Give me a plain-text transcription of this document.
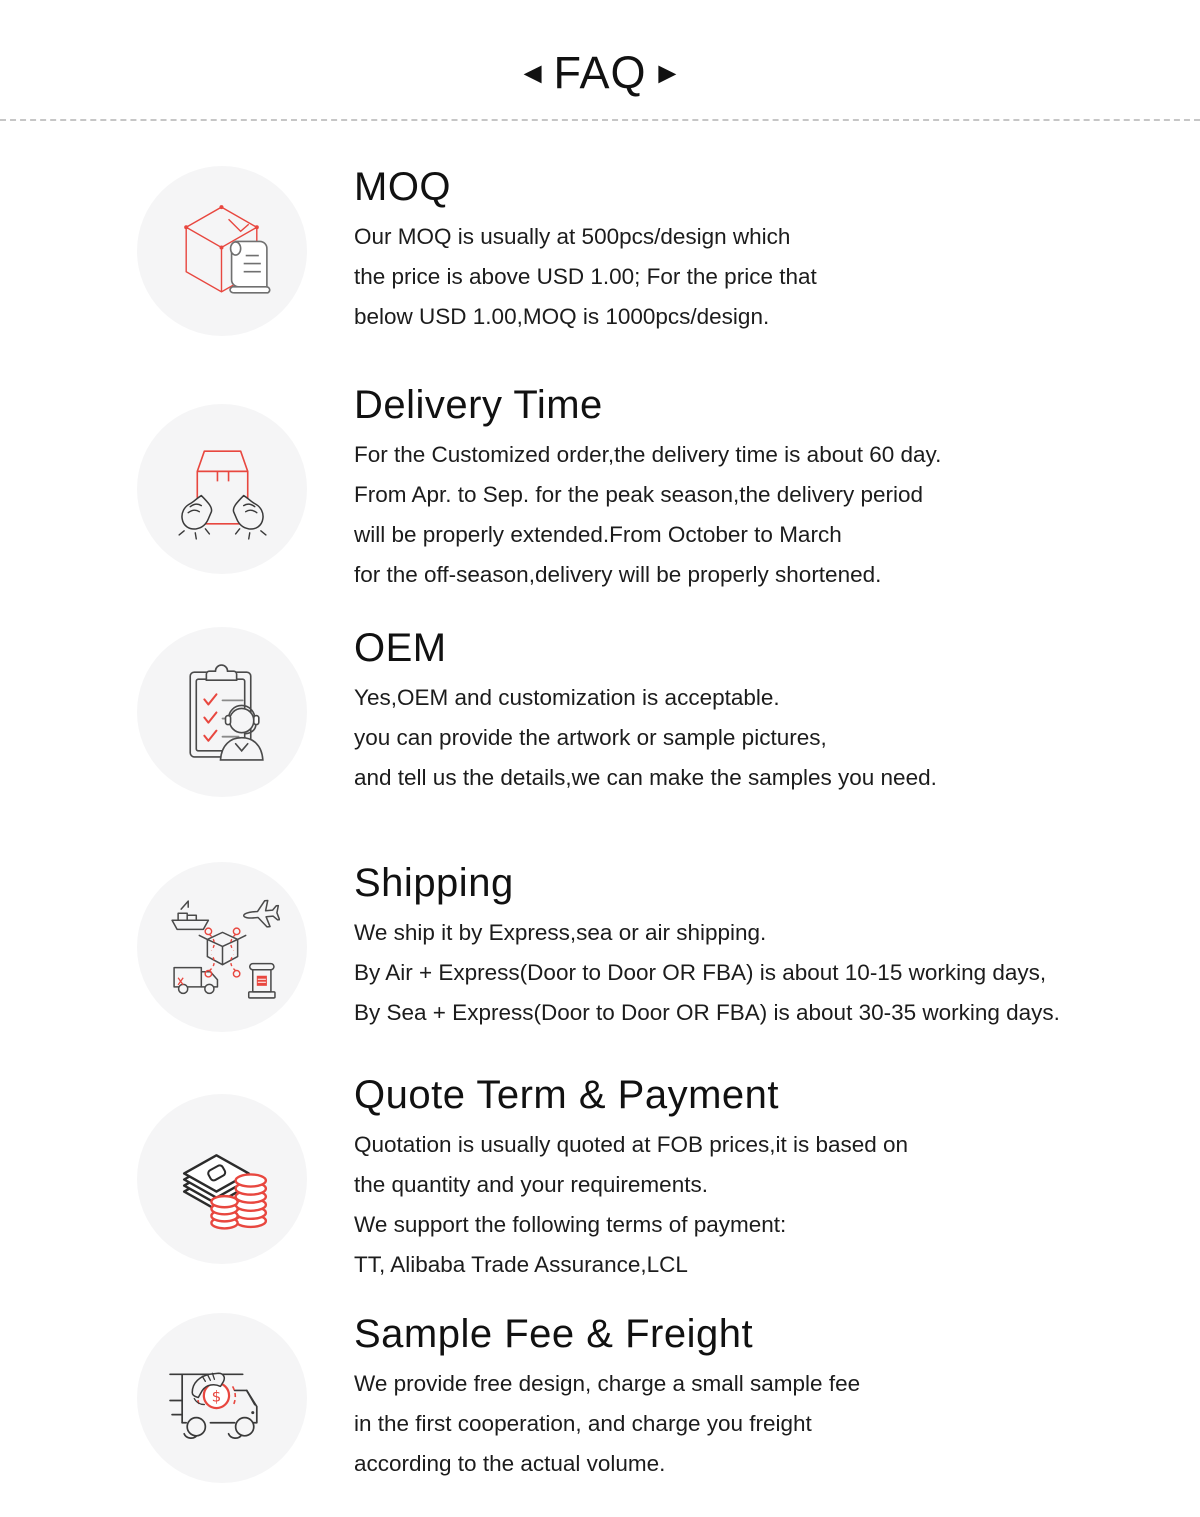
◄ FAQ ►
MOQ
Our MOQ is usually at 500pcs/design which
the price is above USD 1.00; For the price that
below USD 1.00,MOQ is 1000pcs/design.
Delivery Time
For the Customized order,the delivery time is about 60 day.
From Apr. to Sep. for the peak season,the delivery period
will be properly extended.From October to March
for the off-season,delivery will be properly shortened.
OEM
Yes,OEM and customization is acceptable.
you can provide the artwork or sample pictures,
and tell us the details,we can make the samples you need.
Shipping
We ship it by Express,sea or air shipping.
By Air + Express(Door to Door OR FBA) is about 10-15 working days,
By Sea + Express(Door to Door OR FBA) is about 30-35 working days.
Quote Term & Payment
Quotation is usually quoted at FOB prices,it is based on
the quantity and your requirements.
We support the following terms of payment:
TT, Alibaba Trade Assurance,LCL
$
Sample Fee & Freight
We provide free design, charge a small sample fee
in the first cooperation, and charge you freight
according to the actual volume.
